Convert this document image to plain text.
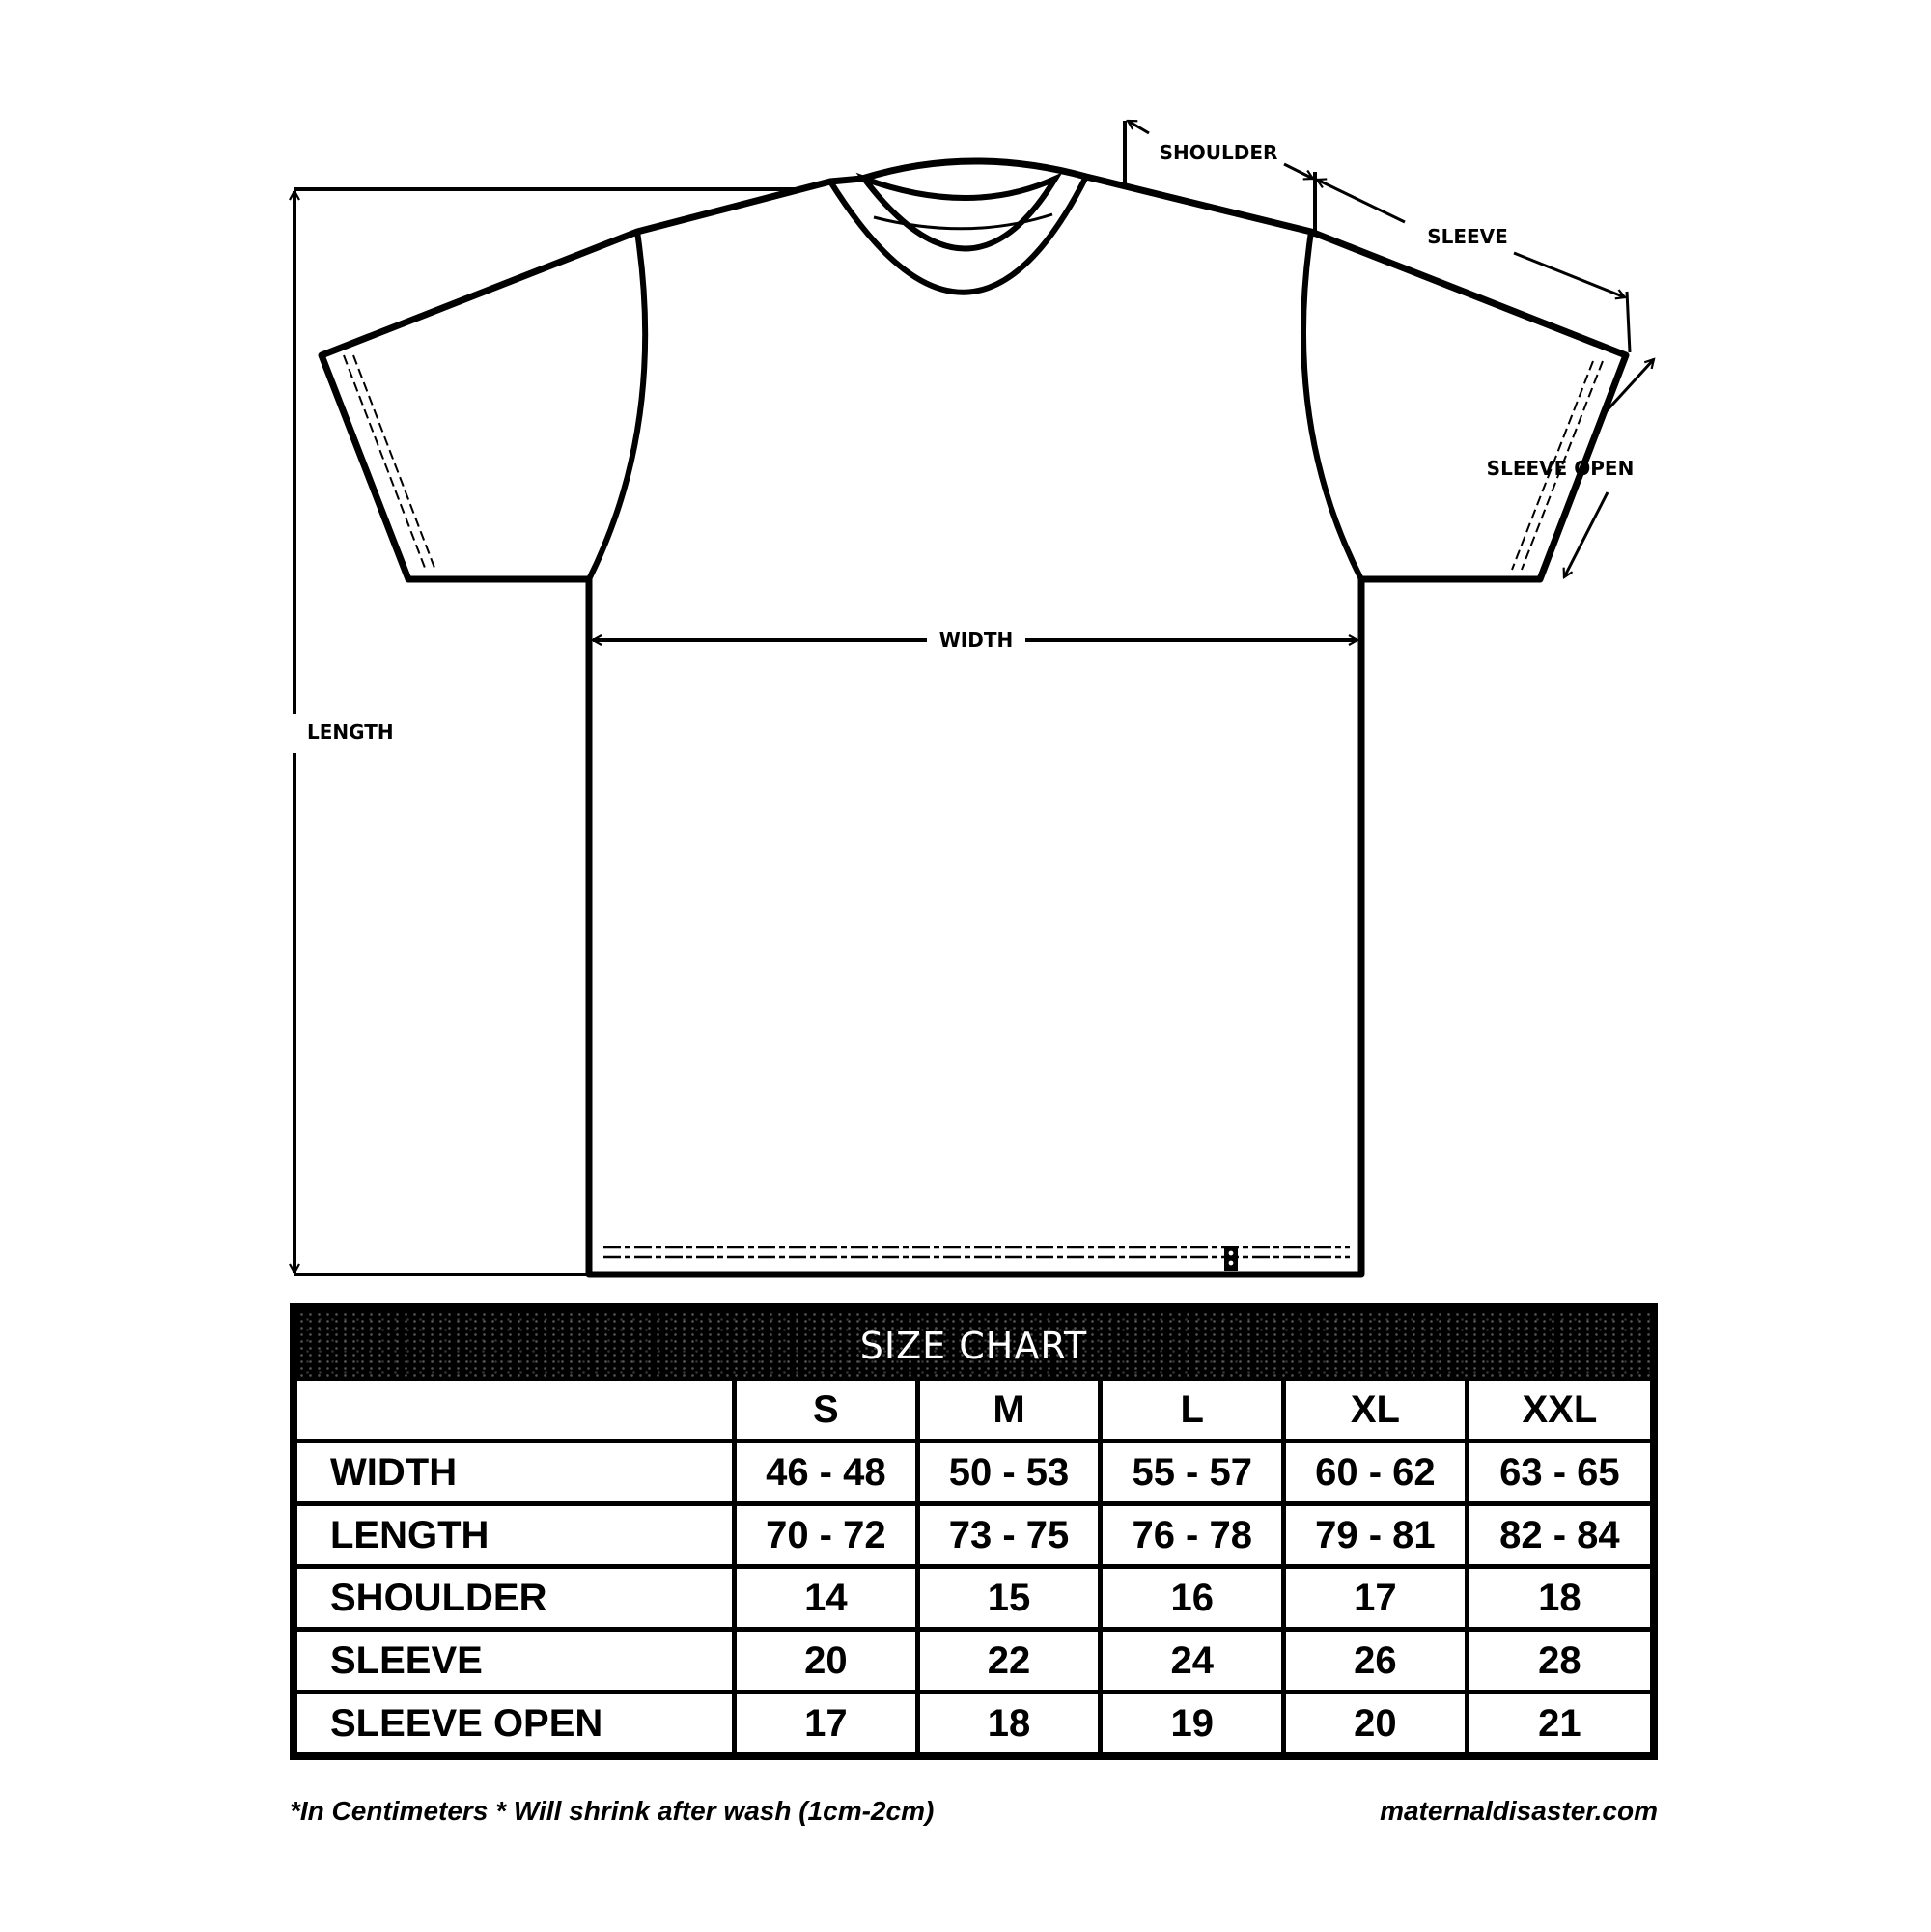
LENGTH
WIDTH
SHOULDER
SLEEVE
SLEEVE OPEN
SIZE CHART
	S	M	L	XL	XXL
WIDTH	46 - 48	50 - 53	55 - 57	60 - 62	63 - 65
LENGTH	70 - 72	73 - 75	76 - 78	79 - 81	82 - 84
SHOULDER	14	15	16	17	18
SLEEVE	20	22	24	26	28
SLEEVE OPEN	17	18	19	20	21
*In Centimeters * Will shrink after wash (1cm-2cm)	maternaldisaster.com
